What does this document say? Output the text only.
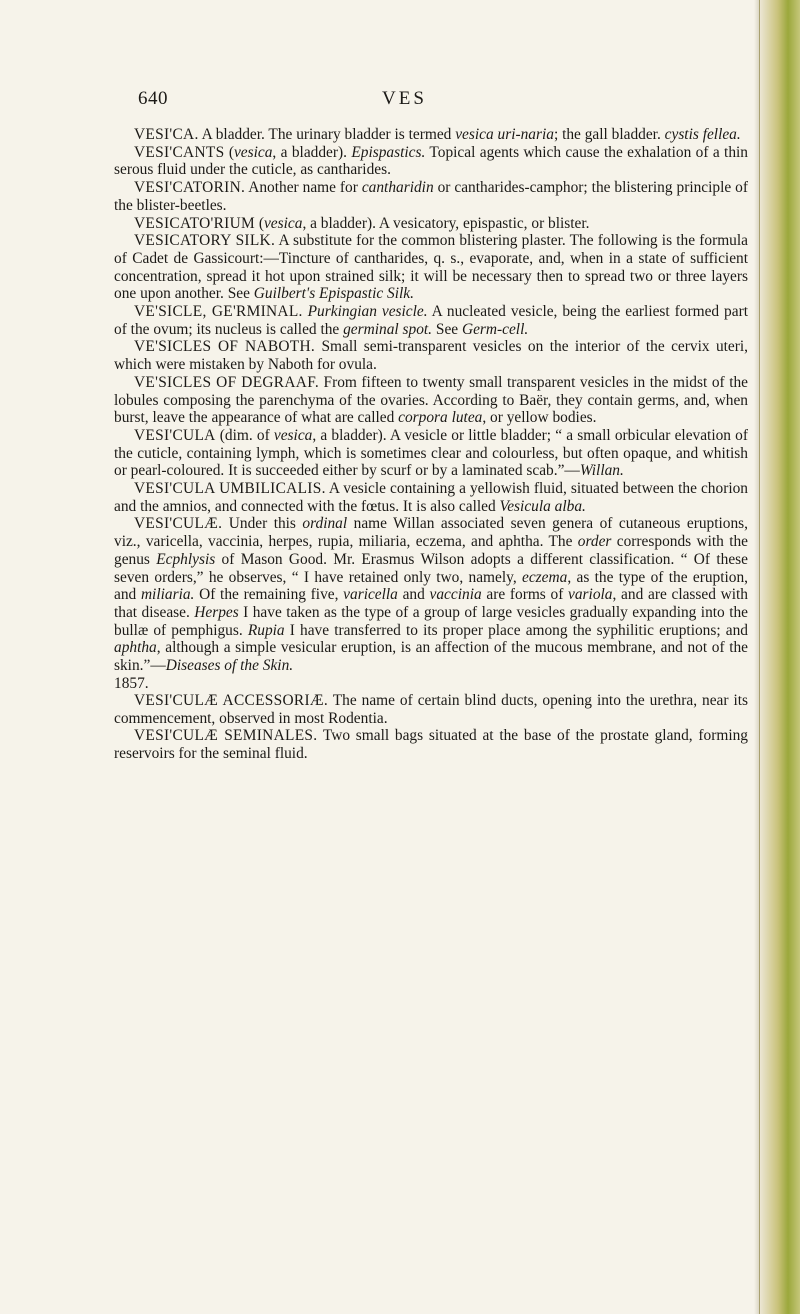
640	VES

VESI'CA. A bladder. The urinary bladder is termed vesica uri-naria; the gall bladder. cystis fellea.

VESI'CANTS (vesica, a bladder). Epispastics. Topical agents which cause the exhalation of a thin serous fluid under the cuticle, as cantharides.

VESI'CATORIN. Another name for cantharidin or cantharides-camphor; the blistering principle of the blister-beetles.

VESICATO'RIUM (vesica, a bladder). A vesicatory, epispastic, or blister.

VESICATORY SILK. A substitute for the common blistering plaster. The following is the formula of Cadet de Gassicourt:—Tincture of cantharides, q. s., evaporate, and, when in a state of sufficient concentration, spread it hot upon strained silk; it will be necessary then to spread two or three layers one upon another. See Guilbert's Epispastic Silk.

VE'SICLE, GE'RMINAL. Purkingian vesicle. A nucleated vesicle, being the earliest formed part of the ovum; its nucleus is called the germinal spot. See Germ-cell.

VE'SICLES OF NABOTH. Small semi-transparent vesicles on the interior of the cervix uteri, which were mistaken by Naboth for ovula.

VE'SICLES OF DEGRAAF. From fifteen to twenty small transparent vesicles in the midst of the lobules composing the parenchyma of the ovaries. According to Baër, they contain germs, and, when burst, leave the appearance of what are called corpora lutea, or yellow bodies.

VESI'CULA (dim. of vesica, a bladder). A vesicle or little bladder; “ a small orbicular elevation of the cuticle, containing lymph, which is sometimes clear and colourless, but often opaque, and whitish or pearl-coloured. It is succeeded either by scurf or by a laminated scab.”—Willan.

VESI'CULA UMBILICALIS. A vesicle containing a yellowish fluid, situated between the chorion and the amnios, and connected with the fœtus. It is also called Vesicula alba.

VESI'CULÆ. Under this ordinal name Willan associated seven genera of cutaneous eruptions, viz., varicella, vaccinia, herpes, rupia, miliaria, eczema, and aphtha. The order corresponds with the genus Ecphlysis of Mason Good. Mr. Erasmus Wilson adopts a different classification. “ Of these seven orders,” he observes, “ I have retained only two, namely, eczema, as the type of the eruption, and miliaria. Of the remaining five, varicella and vaccinia are forms of variola, and are classed with that disease. Herpes I have taken as the type of a group of large vesicles gradually expanding into the bullæ of pemphigus. Rupia I have transferred to its proper place among the syphilitic eruptions; and aphtha, although a simple vesicular eruption, is an affection of the mucous membrane, and not of the skin.”—Diseases of the Skin.
1857.

VESI'CULÆ ACCESSORIÆ. The name of certain blind ducts, opening into the urethra, near its commencement, observed in most Rodentia.

VESI'CULÆ SEMINALES. Two small bags situated at the base of the prostate gland, forming reservoirs for the seminal fluid.
